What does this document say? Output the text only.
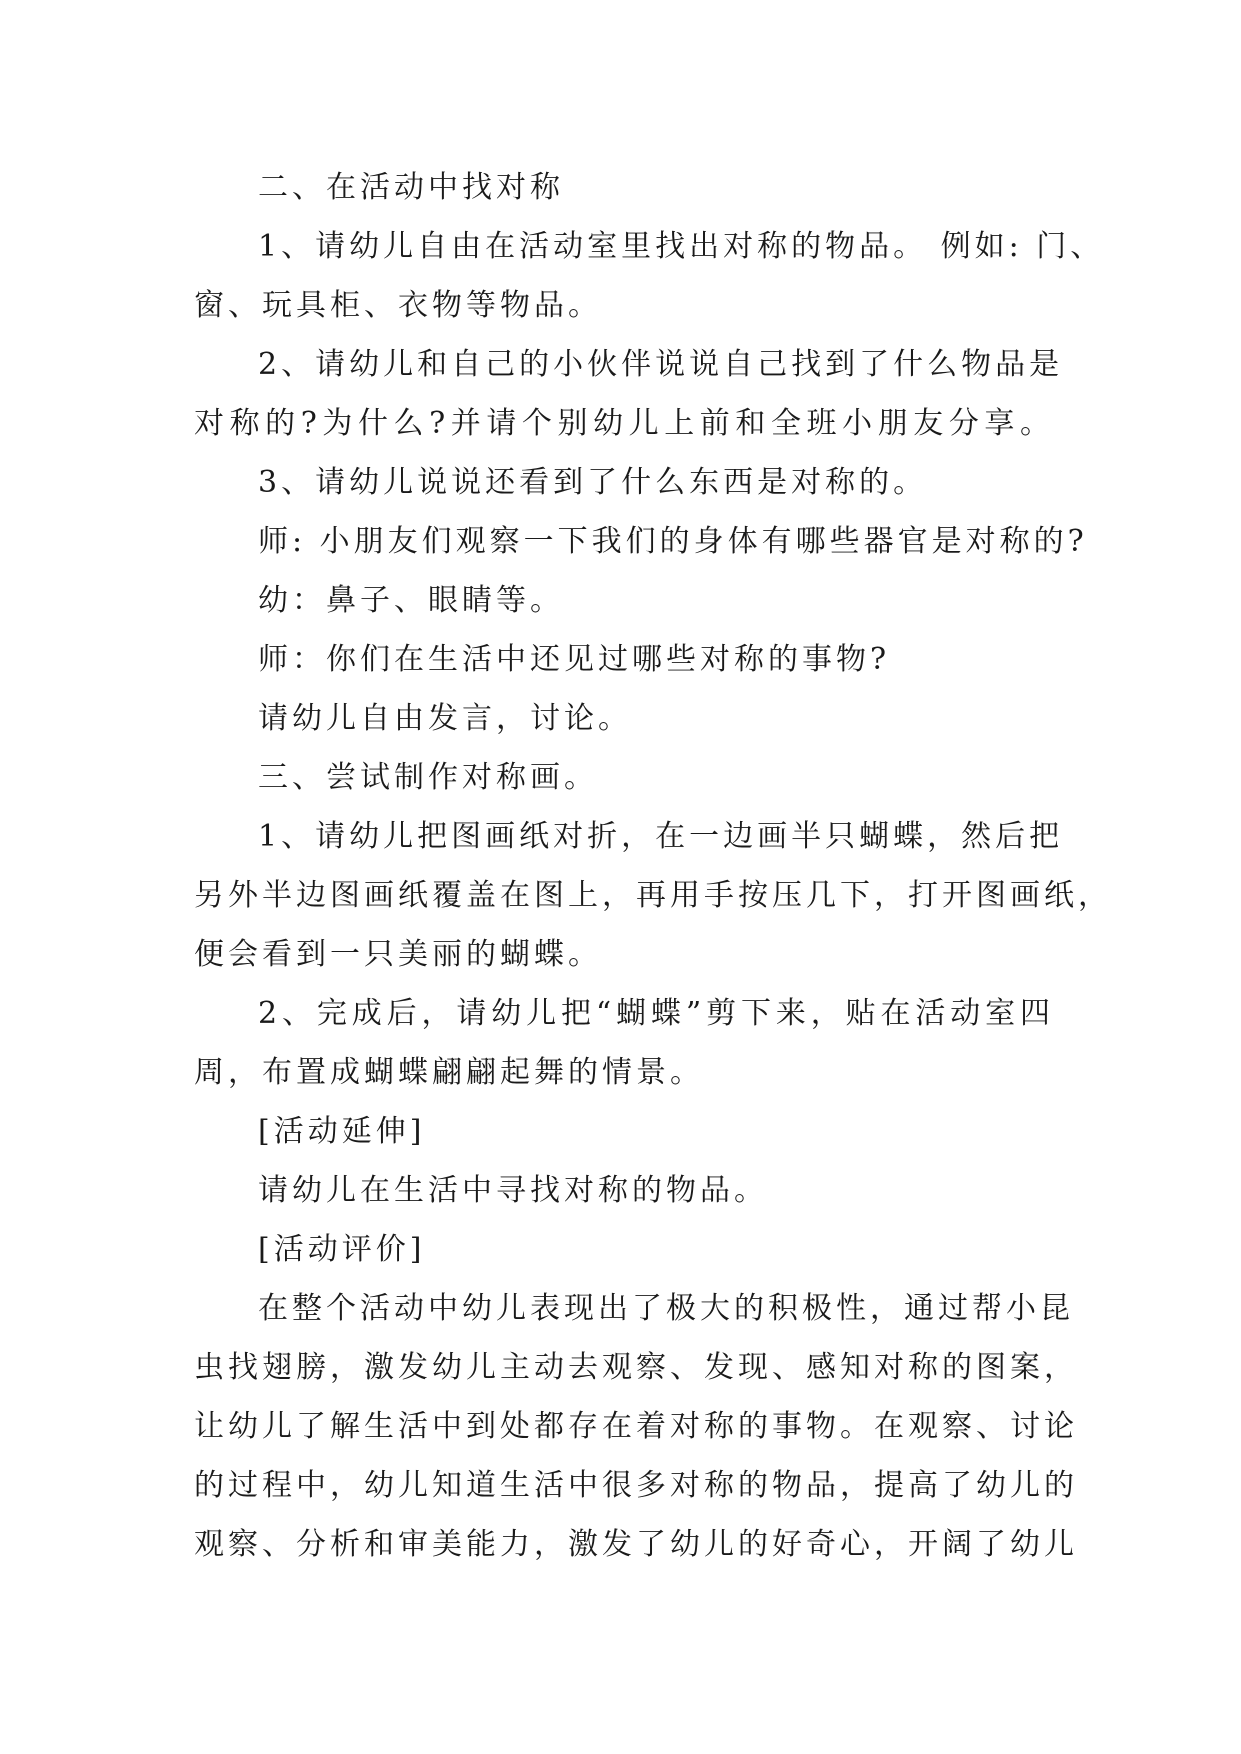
二、在活动中找对称
1、请幼儿自由在活动室里找出对称的物品。 例如: 门、
窗、玩具柜、衣物等物品。
2、请幼儿和自己的小伙伴说说自己找到了什么物品是
对称的?为什么?并请个别幼儿上前和全班小朋友分享。
3、请幼儿说说还看到了什么东西是对称的。
师: 小朋友们观察一下我们的身体有哪些器官是对称的?
幼：鼻子、眼睛等。
师：你们在生活中还见过哪些对称的事物?
请幼儿自由发言，讨论。
三、尝试制作对称画。
1、请幼儿把图画纸对折，在一边画半只蝴蝶，然后把
另外半边图画纸覆盖在图上，再用手按压几下，打开图画纸，
便会看到一只美丽的蝴蝶。
2、完成后，请幼儿把“蝴蝶”剪下来，贴在活动室四
周，布置成蝴蝶翩翩起舞的情景。
[活动延伸]
请幼儿在生活中寻找对称的物品。
[活动评价]
在整个活动中幼儿表现出了极大的积极性，通过帮小昆
虫找翅膀，激发幼儿主动去观察、发现、感知对称的图案，
让幼儿了解生活中到处都存在着对称的事物。在观察、讨论
的过程中，幼儿知道生活中很多对称的物品，提高了幼儿的
观察、分析和审美能力，激发了幼儿的好奇心，开阔了幼儿
